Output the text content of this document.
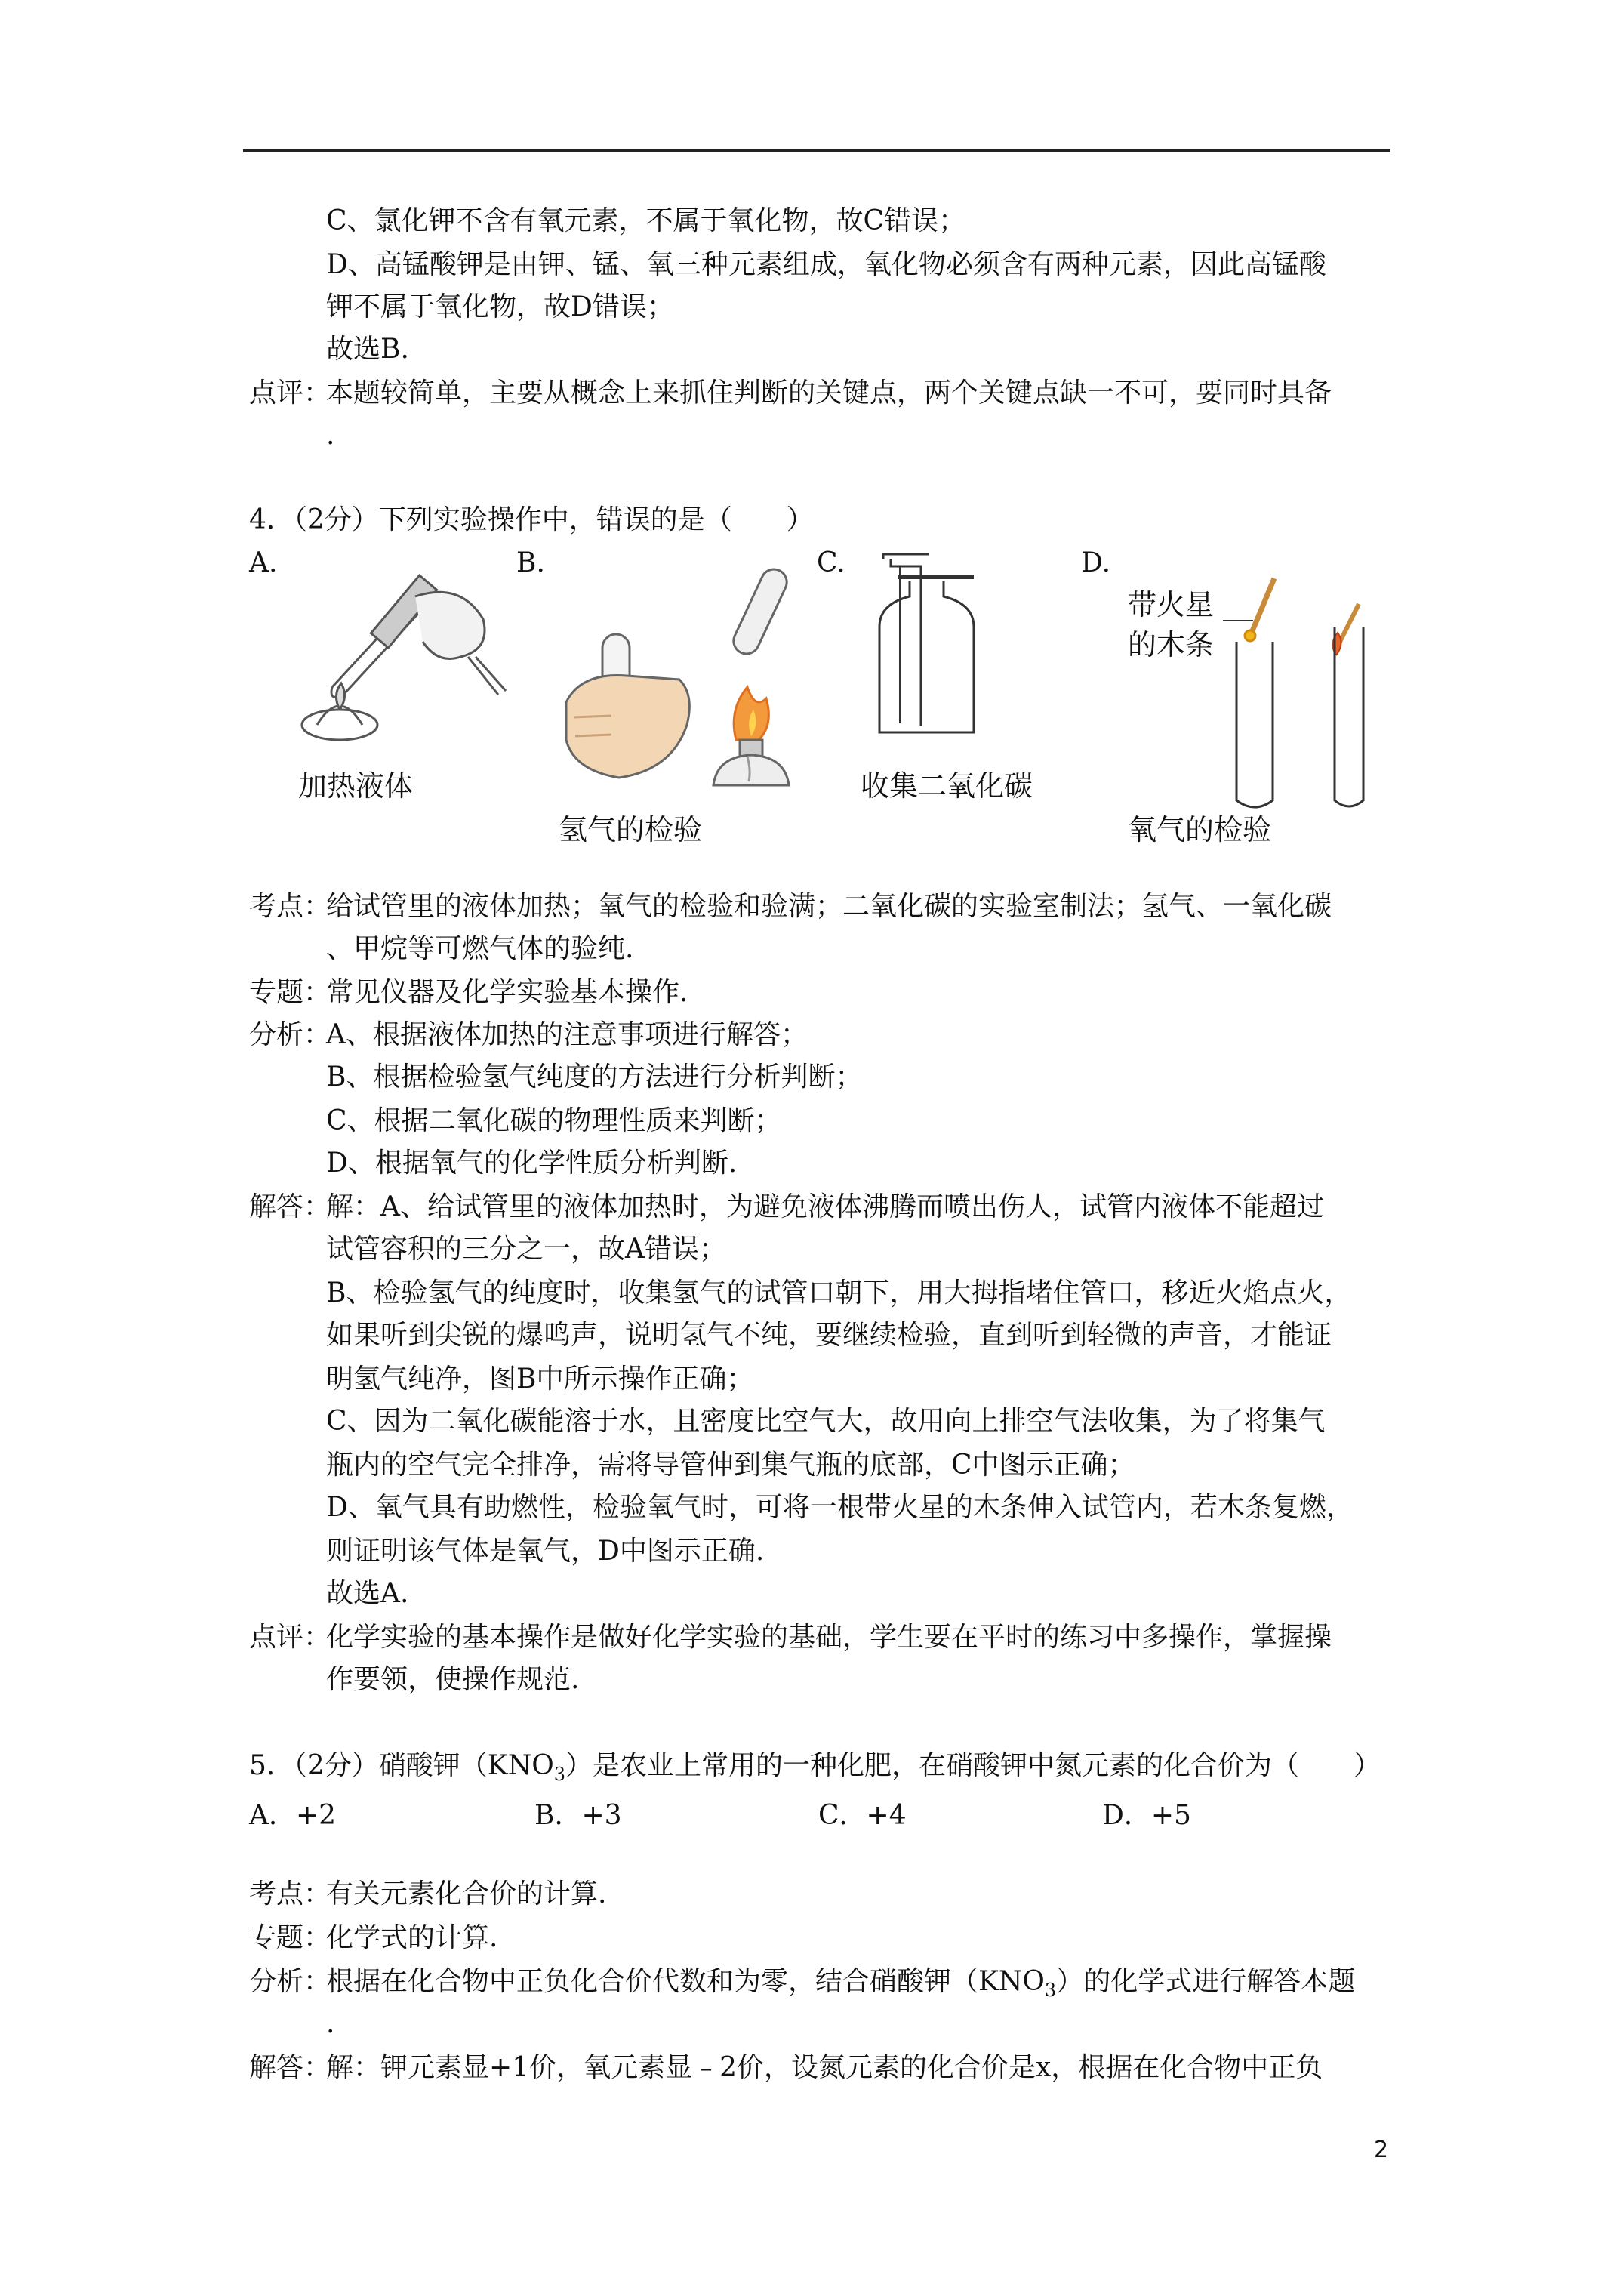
C、氯化钾不含有氧元素，不属于氧化物，故C错误；
D、高锰酸钾是由钾、锰、氧三种元素组成，氧化物必须含有两种元素，因此高锰酸
钾不属于氧化物，故D错误；
故选B.
点评：
本题较简单，主要从概念上来抓住判断的关键点，两个关键点缺一不可，要同时具备
.
4．（2分）下列实验操作中，错误的是（　　）
A.	B.	C.	D.
加热液体
氢气的检验
收集二氧化碳
带火星
的木条
氧气的检验
考点：
给试管里的液体加热；氧气的检验和验满；二氧化碳的实验室制法；氢气、一氧化碳
、甲烷等可燃气体的验纯.
专题：
常见仪器及化学实验基本操作.
分析：
A、根据液体加热的注意事项进行解答；
B、根据检验氢气纯度的方法进行分析判断；
C、根据二氧化碳的物理性质来判断；
D、根据氧气的化学性质分析判断.
解答：
解：A、给试管里的液体加热时，为避免液体沸腾而喷出伤人，试管内液体不能超过
试管容积的三分之一，故A错误；
B、检验氢气的纯度时，收集氢气的试管口朝下，用大拇指堵住管口，移近火焰点火，
如果听到尖锐的爆鸣声，说明氢气不纯，要继续检验，直到听到轻微的声音，才能证
明氢气纯净，图B中所示操作正确；
C、因为二氧化碳能溶于水，且密度比空气大，故用向上排空气法收集，为了将集气
瓶内的空气完全排净，需将导管伸到集气瓶的底部，C中图示正确；
D、氧气具有助燃性，检验氧气时，可将一根带火星的木条伸入试管内，若木条复燃，
则证明该气体是氧气，D中图示正确.
故选A.
点评：
化学实验的基本操作是做好化学实验的基础，学生要在平时的练习中多操作，掌握操
作要领，使操作规范.
5．（2分）硝酸钾$(KNO_3)$是农业上常用的一种化肥，在硝酸钾中氮元素的化合价为（　　）
A．+2	B．+3	C．+4	D．+5
考点：
有关元素化合价的计算.
专题：
化学式的计算.
分析：
根据在化合物中正负化合价代数和为零，结合硝酸钾$(KNO_3)$的化学式进行解答本题
.
解答：
解：钾元素显+1价，氧元素显﹣2价，设氮元素的化合价是x，根据在化合物中正负
2
